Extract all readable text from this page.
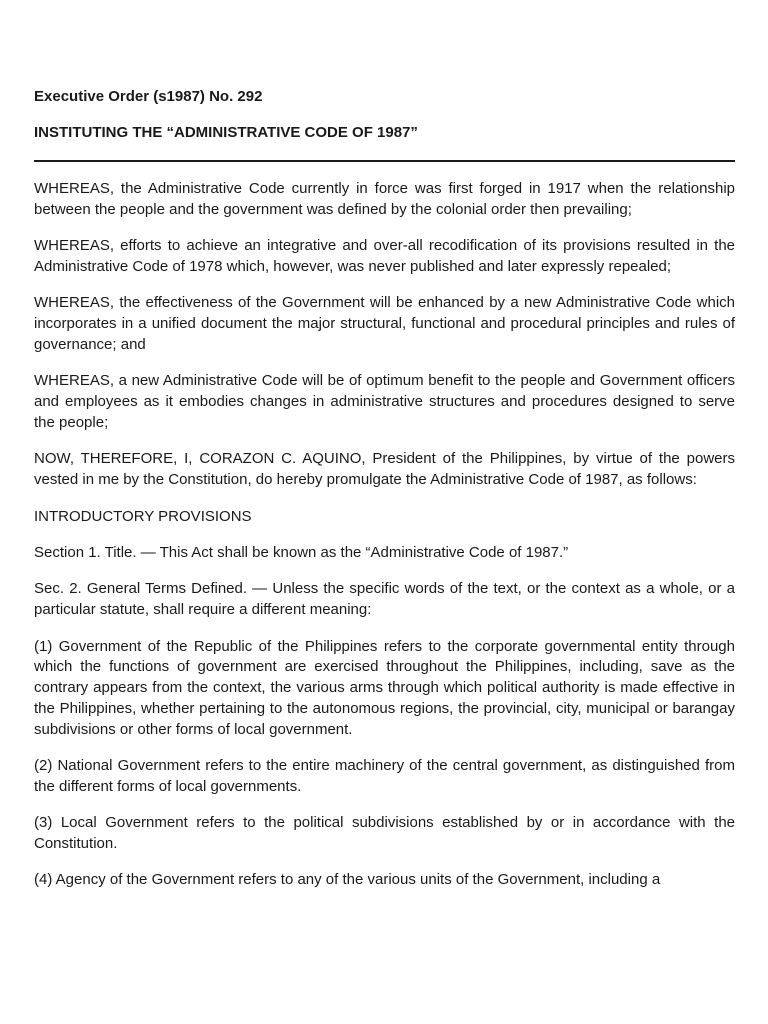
Executive Order (s1987) No. 292
INSTITUTING THE “ADMINISTRATIVE CODE OF 1987”

WHEREAS, the Administrative Code currently in force was first forged in 1917 when the relationship between the people and the government was defined by the colonial order then prevailing;

WHEREAS, efforts to achieve an integrative and over-all recodification of its provisions resulted in the Administrative Code of 1978 which, however, was never published and later expressly repealed;

WHEREAS, the effectiveness of the Government will be enhanced by a new Administrative Code which incorporates in a unified document the major structural, functional and procedural principles and rules of governance; and

WHEREAS, a new Administrative Code will be of optimum benefit to the people and Government officers and employees as it embodies changes in administrative structures and procedures designed to serve the people;

NOW, THEREFORE, I, CORAZON C. AQUINO, President of the Philippines, by virtue of the powers vested in me by the Constitution, do hereby promulgate the Administrative Code of 1987, as follows:

INTRODUCTORY PROVISIONS

Section 1. Title. — This Act shall be known as the “Administrative Code of 1987.”

Sec. 2. General Terms Defined. — Unless the specific words of the text, or the context as a whole, or a particular statute, shall require a different meaning:

(1) Government of the Republic of the Philippines refers to the corporate governmental entity through which the functions of government are exercised throughout the Philippines, including, save as the contrary appears from the context, the various arms through which political authority is made effective in the Philippines, whether pertaining to the autonomous regions, the provincial, city, municipal or barangay subdivisions or other forms of local government.

(2) National Government refers to the entire machinery of the central government, as distinguished from the different forms of local governments.

(3) Local Government refers to the political subdivisions established by or in accordance with the Constitution.

(4) Agency of the Government refers to any of the various units of the Government, including a
